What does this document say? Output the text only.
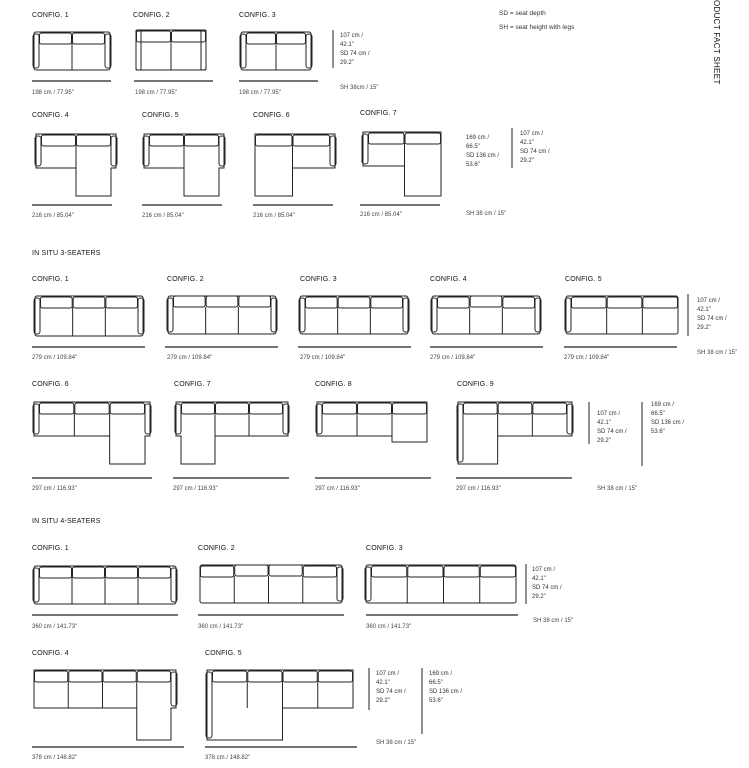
CONFIG. 1	CONFIG. 2	CONFIG. 3
CONFIG. 4	CONFIG. 5	CONFIG. 6	CONFIG. 7
CONFIG. 1	CONFIG. 2	CONFIG. 3	CONFIG. 4	CONFIG. 5
CONFIG. 6	CONFIG. 7	CONFIG. 8	CONFIG. 9
CONFIG. 1	CONFIG. 2	CONFIG. 3
CONFIG. 4	CONFIG. 5
IN SITU 3-SEATERS
IN SITU 4-SEATERS
198 cm / 77.95"	198 cm / 77.95"	198 cm / 77.95"
216 cm / 85.04"	216 cm / 85.04"	216 cm / 85.04"	216 cm / 85.04"
279 cm / 109.84"	279 cm / 109.84"	279 cm / 109.84"	279 cm / 109.84"	279 cm / 109.84"
297 cm / 116.93"	297 cm / 116.93"	297 cm / 116.93"	297 cm / 116.93"
360 cm / 141.73"	360 cm / 141.73"	360 cm / 141.73"
378 cm / 148.82"	378 cm / 148.82"
SH 38cm / 15"
SH 38 cm / 15"
SH 38 cm / 15"
SH 38 cm / 15"
SH 38 cm / 15"
SH 38 cm / 15"
107 cm /
42.1"
SD 74 cm /
29.2"
169 cm /
66.5"
SD 136 cm /
53.6"
107 cm /
42.1"
SD 74 cm /
29.2"
107 cm /
42.1"
SD 74 cm /
29.2"
107 cm /
42.1"
SD 74 cm /
29.2"
169 cm /
66.5"
SD 136 cm /
53.6"
107 cm /
42.1"
SD 74 cm /
29.2"
107 cm /
42.1"
SD 74 cm /
29.2"
169 cm /
66.5"
SD 136 cm /
53.6"
SD = seat depth
SH = seat height with legs	ODUCT FACT SHEET
